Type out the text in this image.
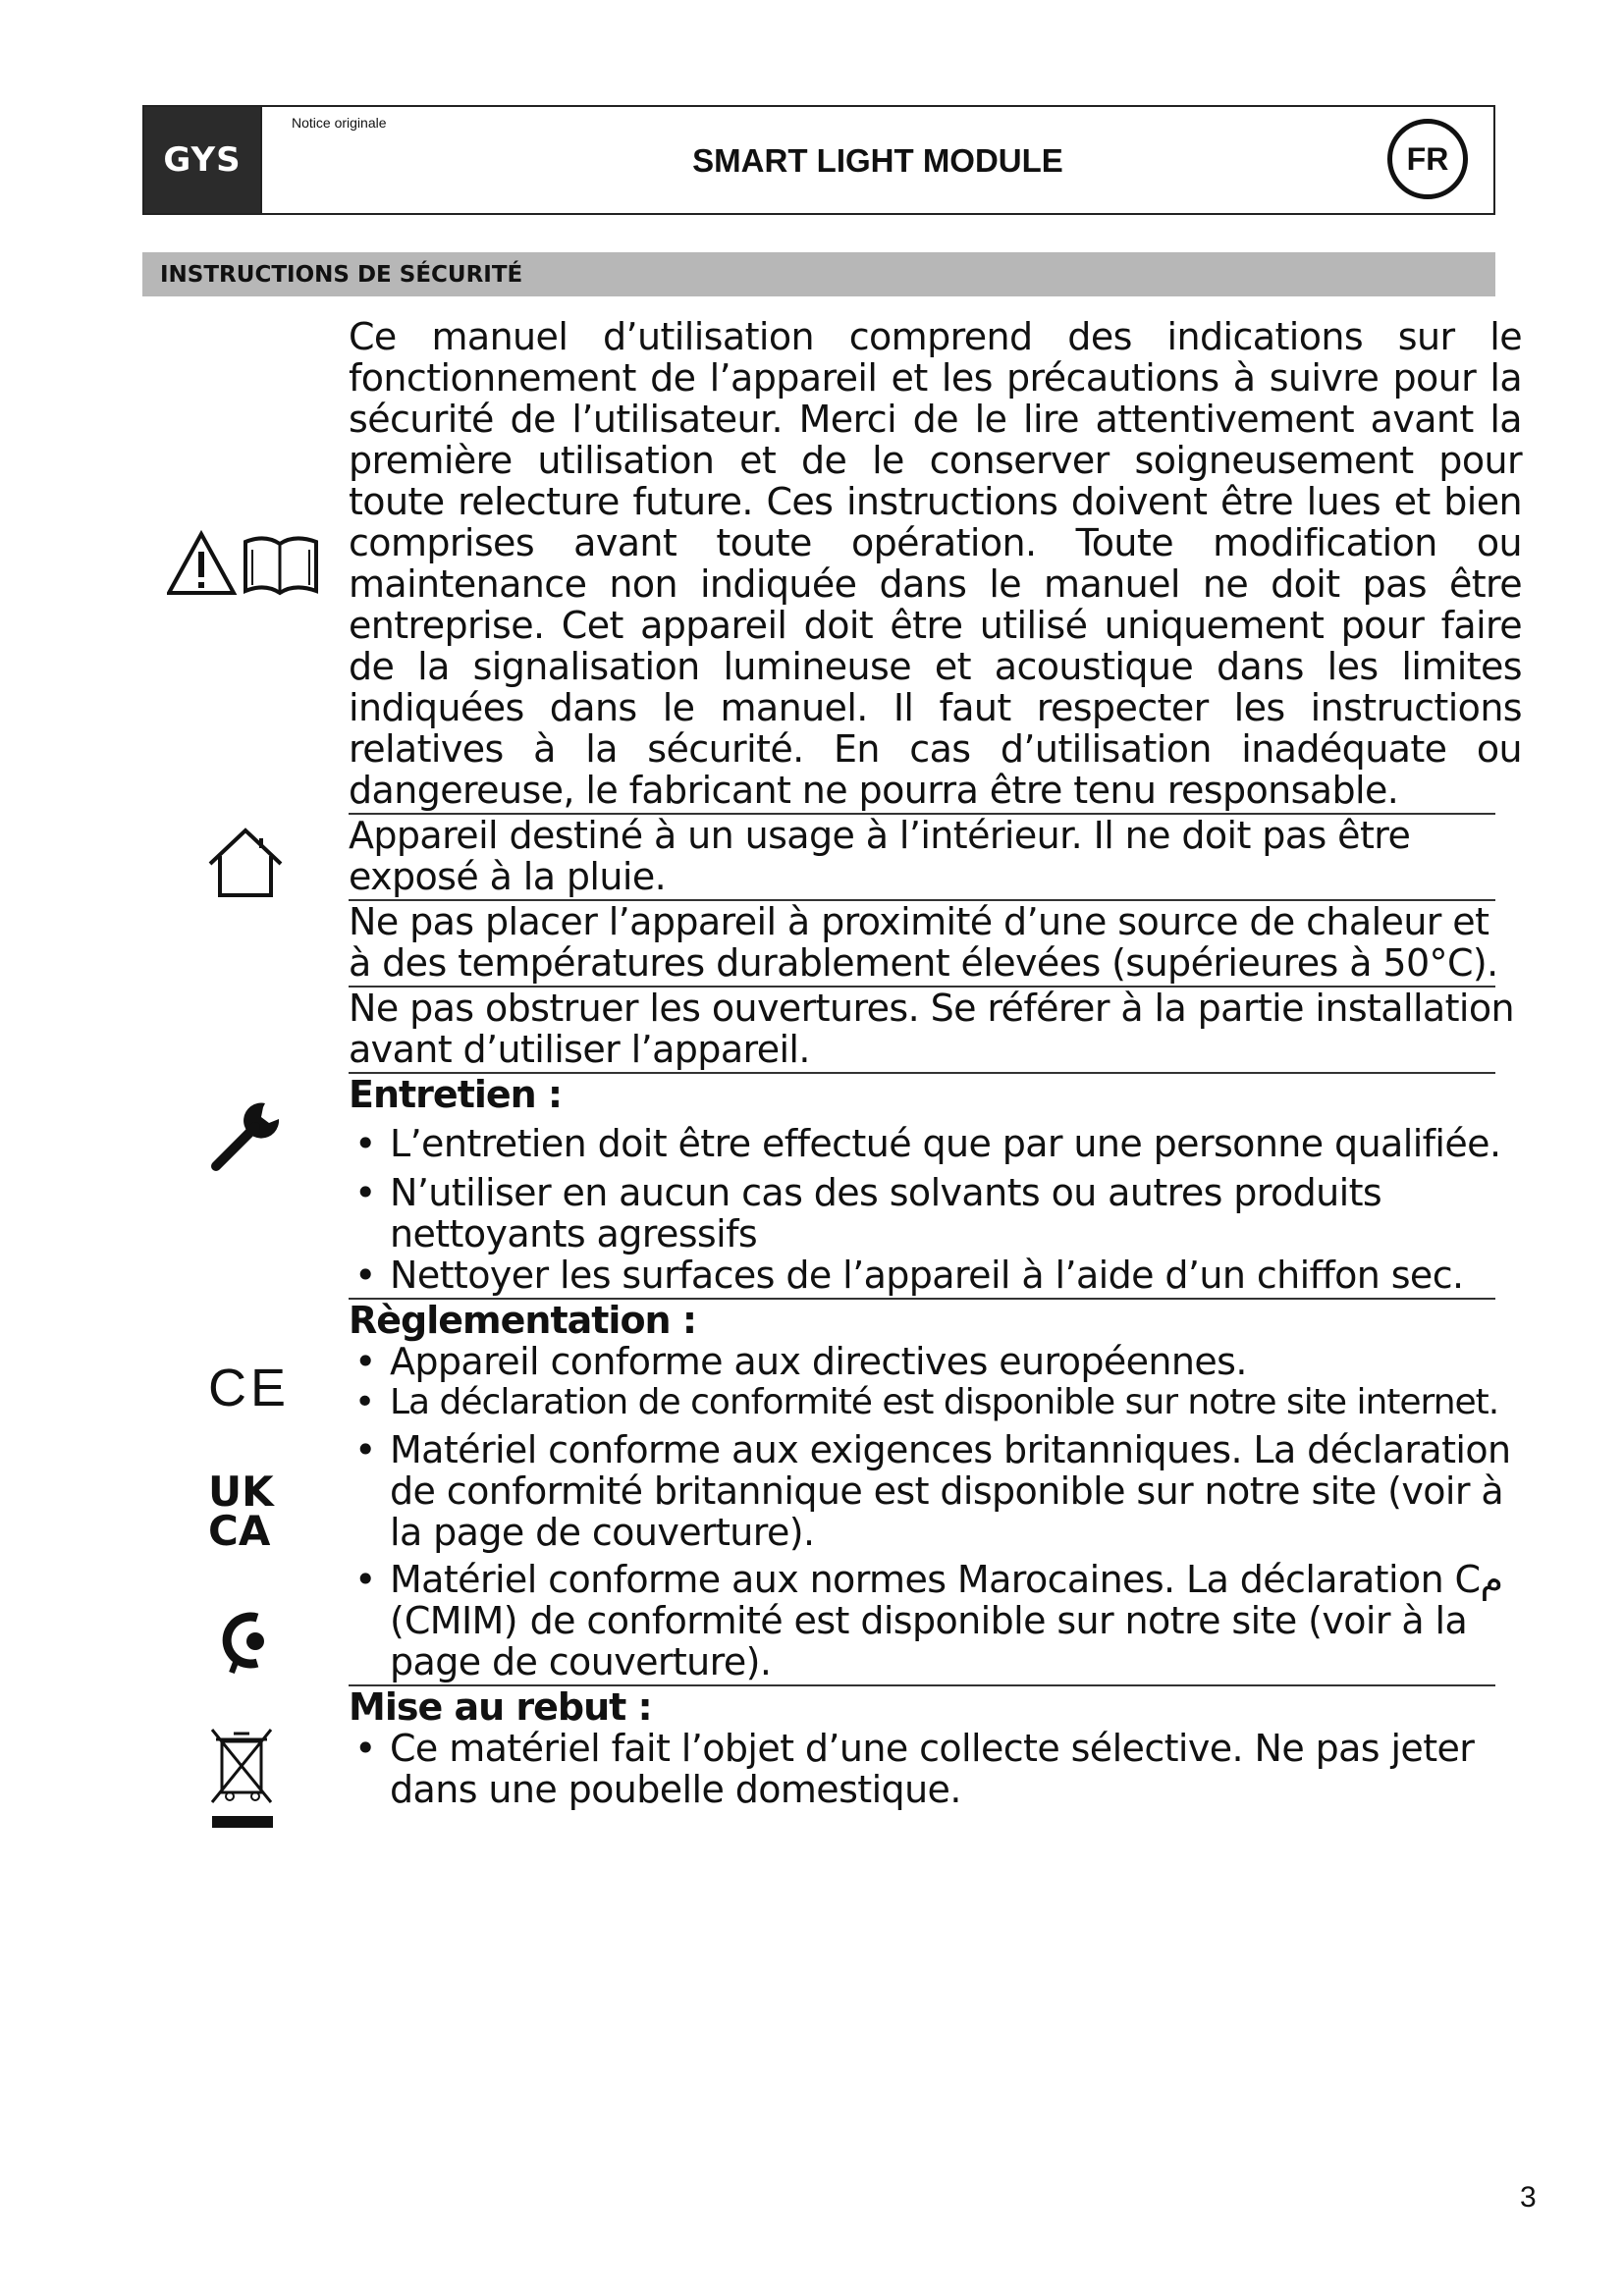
GYS
Notice originale
SMART LIGHT MODULE	FR
INSTRUCTIONS DE SÉCURITÉ
CE
UK
CA
Ce manuel d’utilisation comprend des indications sur le fonctionnement de l’appareil et les précautions à suivre pour la sécurité de l’utilisateur. Merci de le lire attentivement avant la première utilisation et de le conserver soigneusement pour toute relecture future. Ces instructions doivent être lues et bien comprises avant toute opération. Toute modification ou maintenance non indiquée dans le manuel ne doit pas être entreprise. Cet appareil doit être utilisé uniquement pour faire de la signalisation lumineuse et acoustique dans les limites indiquées dans le manuel. Il faut respecter les instructions relatives à la sécurité. En cas d’utilisation inadéquate ou dangereuse, le fabricant ne pourra être tenu responsable.
Appareil destiné à un usage à l’intérieur. Il ne doit pas être exposé à la pluie.
Ne pas placer l’appareil à proximité d’une source de chaleur et à des températures durablement élevées (supérieures à 50°C).
Ne pas obstruer les ouvertures. Se référer à la partie installation avant d’utiliser l’appareil.
Entretien :
• L’entretien doit être effectué que par une personne qualifiée.
• N’utiliser en aucun cas des solvants ou autres produits nettoyants agressifs
• Nettoyer les surfaces de l’appareil à l’aide d’un chiffon sec.
Règlementation :
• Appareil conforme aux directives européennes.
• La déclaration de conformité est disponible sur notre site internet.
• Matériel conforme aux exigences britanniques. La déclaration de conformité britannique est disponible sur notre site (voir à la page de couverture).
• Matériel conforme aux normes Marocaines. La déclaration Cم (CMIM) de conformité est disponible sur notre site (voir à la page de couverture).
Mise au rebut :
• Ce matériel fait l’objet d’une collecte sélective. Ne pas jeter dans une poubelle domestique.
3
